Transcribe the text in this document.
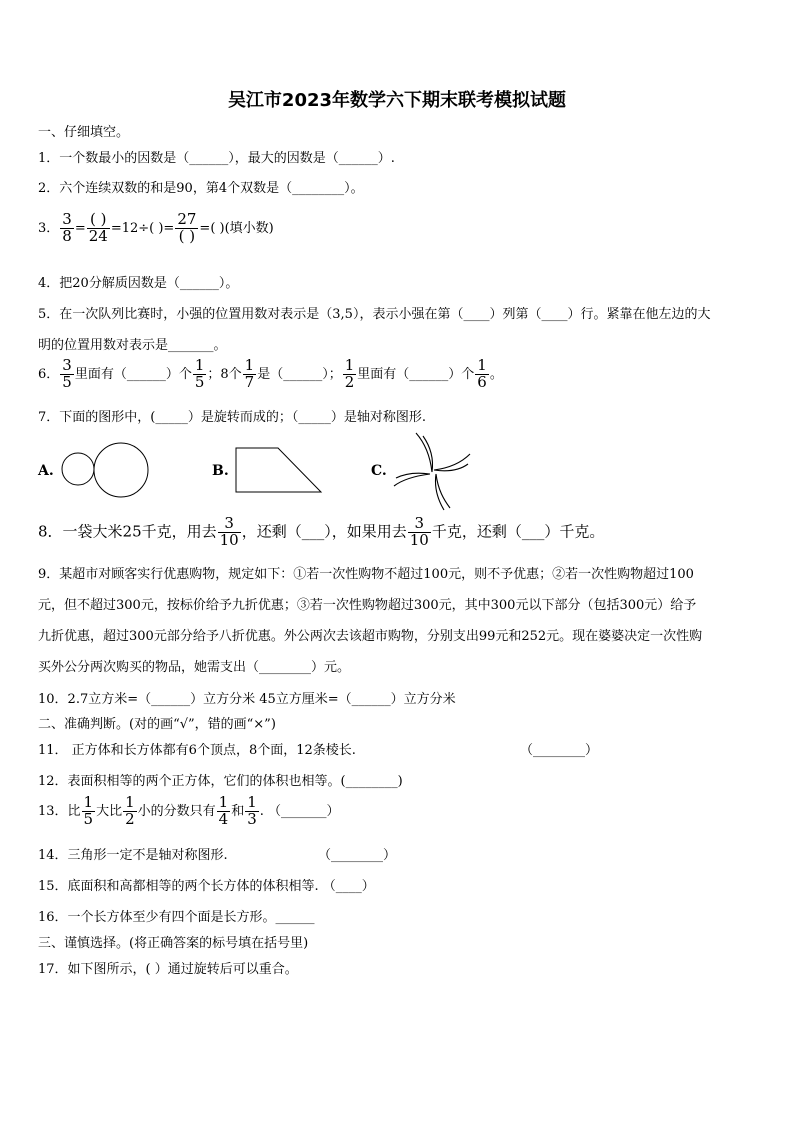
吴江市2023年数学六下期末联考模拟试题
一、仔细填空。
1．一个数最小的因数是（______），最大的因数是（______）.
2．六个连续双数的和是90，第4个双数是（________）。
3． $\frac{3}{8} = \frac{( )}{24} =12\div$( )= $\frac{27}{( )}$ =( )(填小数)
4．把20分解质因数是（______）。
5．在一次队列比赛时，小强的位置用数对表示是（3,5），表示小强在第（____）列第（____）行。紧靠在他左边的大
明的位置用数对表示是_______。
6． $\frac{3}{5}$ 里面有（______）个 $\frac{1}{5}$ ；8个 $\frac{1}{7}$ 是（______）； $\frac{1}{2}$ 里面有（______）个 $\frac{1}{6}$ 。
7．下面的图形中，(_____）是旋转而成的；（_____）是轴对称图形.
A.	B.	C.
8．一袋大米25千克，用去 $\frac{3}{10}$ ，还剩（___），如果用去 $\frac{3}{10}$ 千克，还剩（___）千克。
9．某超市对顾客实行优惠购物，规定如下：①若一次性购物不超过100元，则不予优惠；②若一次性购物超过100
元，但不超过300元，按标价给予九折优惠；③若一次性购物超过300元，其中300元以下部分（包括300元）给予
九折优惠，超过300元部分给予八折优惠。外公两次去该超市购物，分别支出99元和252元。现在婆婆决定一次性购
买外公分两次购买的物品，她需支出（________）元。
10．2.7立方米=（______）立方分米 45立方厘米=（______）立方分米
二、准确判断。(对的画“√”，错的画“×”)
11． 正方体和长方体都有6个顶点，8个面，12条棱长.	（________）
12．表面积相等的两个正方体，它们的体积也相等。(________)
13．比 $\frac{1}{5}$ 大比 $\frac{1}{2}$ 小的分数只有 $\frac{1}{4}$ 和 $\frac{1}{3}$ . （_______）
14．三角形一定不是轴对称图形.	（________）
15．底面积和高都相等的两个长方体的体积相等. （____）
16．一个长方体至少有四个面是长方形。______
三、谨慎选择。(将正确答案的标号填在括号里)
17．如下图所示，( ）通过旋转后可以重合。
